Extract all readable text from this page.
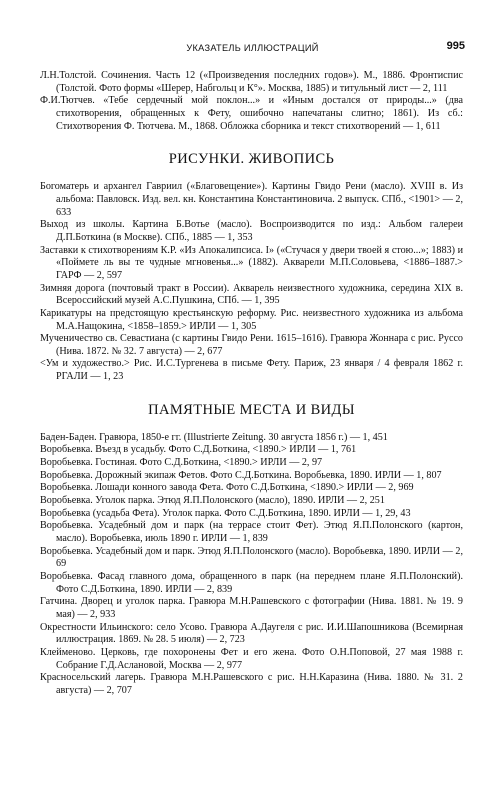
УКАЗАТЕЛЬ ИЛЛЮСТРАЦИЙ	995

Л.Н.Толстой. Сочинения. Часть 12 («Произведения последних годов»). М., 1886. Фронтиспис (Толстой. Фото формы «Шерер, Набгольц и К°». Москва, 1885) и титульный лист — 2, 111

Ф.И.Тютчев. «Тебе сердечный мой поклон...» и «Иным достался от природы...» (два стихотворения, обращенных к Фету, ошибочно напечатаны слитно; 1861). Из сб.: Стихотворения Ф. Тютчева. М., 1868. Обложка сборника и текст стихотворений — 1, 611

РИСУНКИ. ЖИВОПИСЬ

Богоматерь и архангел Гавриил («Благовещение»). Картины Гвидо Рени (масло). XVIII в. Из альбома: Павловск. Изд. вел. кн. Константина Константиновича. 2 выпуск. СПб., <1901> — 2, 633

Выход из школы. Картина Б.Вотье (масло). Воспроизводится по изд.: Альбом галереи Д.П.Боткина (в Москве). СПб., 1885 — 1, 353

Заставки к стихотворениям К.Р. «Из Апокалипсиса. I» («Стучася у двери твоей я стою...»; 1883) и «Поймете ль вы те чудные мгновенья...» (1882). Акварели М.П.Соловьева, <1886–1887.> ГАРФ — 2, 597

Зимняя дорога (почтовый тракт в России). Акварель неизвестного художника, середина XIX в. Всероссийский музей А.С.Пушкина, СПб. — 1, 395

Карикатуры на предстоящую крестьянскую реформу. Рис. неизвестного художника из альбома М.А.Нащокина, <1858–1859.> ИРЛИ — 1, 305

Мученичество св. Севастиана (с картины Гвидо Рени. 1615–1616). Гравюра Жоннара с рис. Руссо (Нива. 1872. № 32. 7 августа) — 2, 677

<Ум и художество.> Рис. И.С.Тургенева в письме Фету. Париж, 23 января / 4 февраля 1862 г. РГАЛИ — 1, 23

ПАМЯТНЫЕ МЕСТА И ВИДЫ

Баден-Баден. Гравюра, 1850-е гг. (Illustrierte Zeitung. 30 августа 1856 г.) — 1, 451

Воробьевка. Въезд в усадьбу. Фото С.Д.Боткина, <1890.> ИРЛИ — 1, 761

Воробьевка. Гостиная. Фото С.Д.Боткина, <1890.> ИРЛИ — 2, 97

Воробьевка. Дорожный экипаж Фетов. Фото С.Д.Боткина. Воробьевка, 1890. ИРЛИ — 1, 807

Воробьевка. Лошади конного завода Фета. Фото С.Д.Боткина, <1890.> ИРЛИ — 2, 969

Воробьевка. Уголок парка. Этюд Я.П.Полонского (масло), 1890. ИРЛИ — 2, 251

Воробьевка (усадьба Фета). Уголок парка. Фото С.Д.Боткина, 1890. ИРЛИ — 1, 29, 43

Воробьевка. Усадебный дом и парк (на террасе стоит Фет). Этюд Я.П.Полонского (картон, масло). Воробьевка, июль 1890 г. ИРЛИ — 1, 839

Воробьевка. Усадебный дом и парк. Этюд Я.П.Полонского (масло). Воробьевка, 1890. ИРЛИ — 2, 69

Воробьевка. Фасад главного дома, обращенного в парк (на переднем плане Я.П.Полонский). Фото С.Д.Боткина, 1890. ИРЛИ — 2, 839

Гатчина. Дворец и уголок парка. Гравюра М.Н.Рашевского с фотографии (Нива. 1881. № 19. 9 мая) — 2, 933

Окрестности Ильинского: село Усово. Гравюра А.Даугеля с рис. И.И.Шапошникова (Всемирная иллюстрация. 1869. № 28. 5 июля) — 2, 723

Клейменово. Церковь, где похоронены Фет и его жена. Фото О.Н.Поповой, 27 мая 1988 г. Собрание Г.Д.Аслановой, Москва — 2, 977

Красносельский лагерь. Гравюра М.Н.Рашевского с рис. Н.Н.Каразина (Нива. 1880. № 31. 2 августа) — 2, 707
